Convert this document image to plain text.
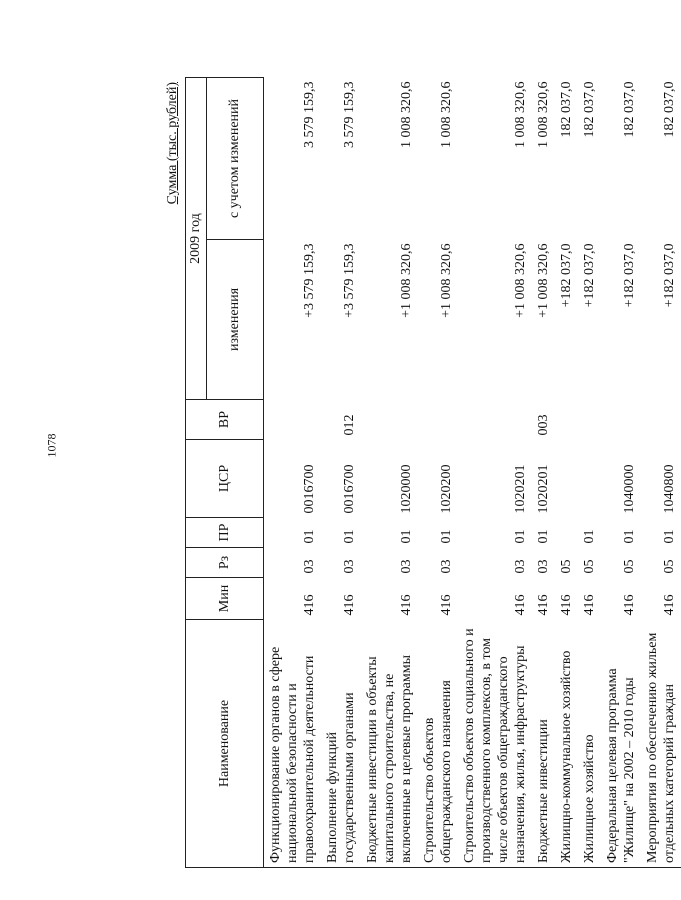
1078
Сумма (тыс. рублей)
Наименование	Мин	Рз	ПР	ЦСР	ВР	2009 год	
						изменения	с учетом изменений
Функционирование органов в сфере национальной безопасности и правоохранительной деятельности	416	03	01	0016700		+3 579 159,3	3 579 159,3
Выполнение функций государственными органами	416	03	01	0016700	012	+3 579 159,3	3 579 159,3
Бюджетные инвестиции в объекты капитального строительства, не включенные в целевые программы	416	03	01	1020000		+1 008 320,6	1 008 320,6
Строительство объектов общегражданского назначения	416	03	01	1020200		+1 008 320,6	1 008 320,6
Строительство объектов социального и производственного комплексов, в том числе объектов общегражданского назначения, жилья, инфраструктуры	416	03	01	1020201		+1 008 320,6	1 008 320,6
Бюджетные инвестиции	416	03	01	1020201	003	+1 008 320,6	1 008 320,6
Жилищно-коммунальное хозяйство	416	05				+182 037,0	182 037,0
Жилищное хозяйство	416	05	01			+182 037,0	182 037,0
Федеральная целевая программа "Жилище" на 2002 – 2010 годы	416	05	01	1040000		+182 037,0	182 037,0
Мероприятия по обеспечению жильем отдельных категорий граждан	416	05	01	1040800		+182 037,0	182 037,0
